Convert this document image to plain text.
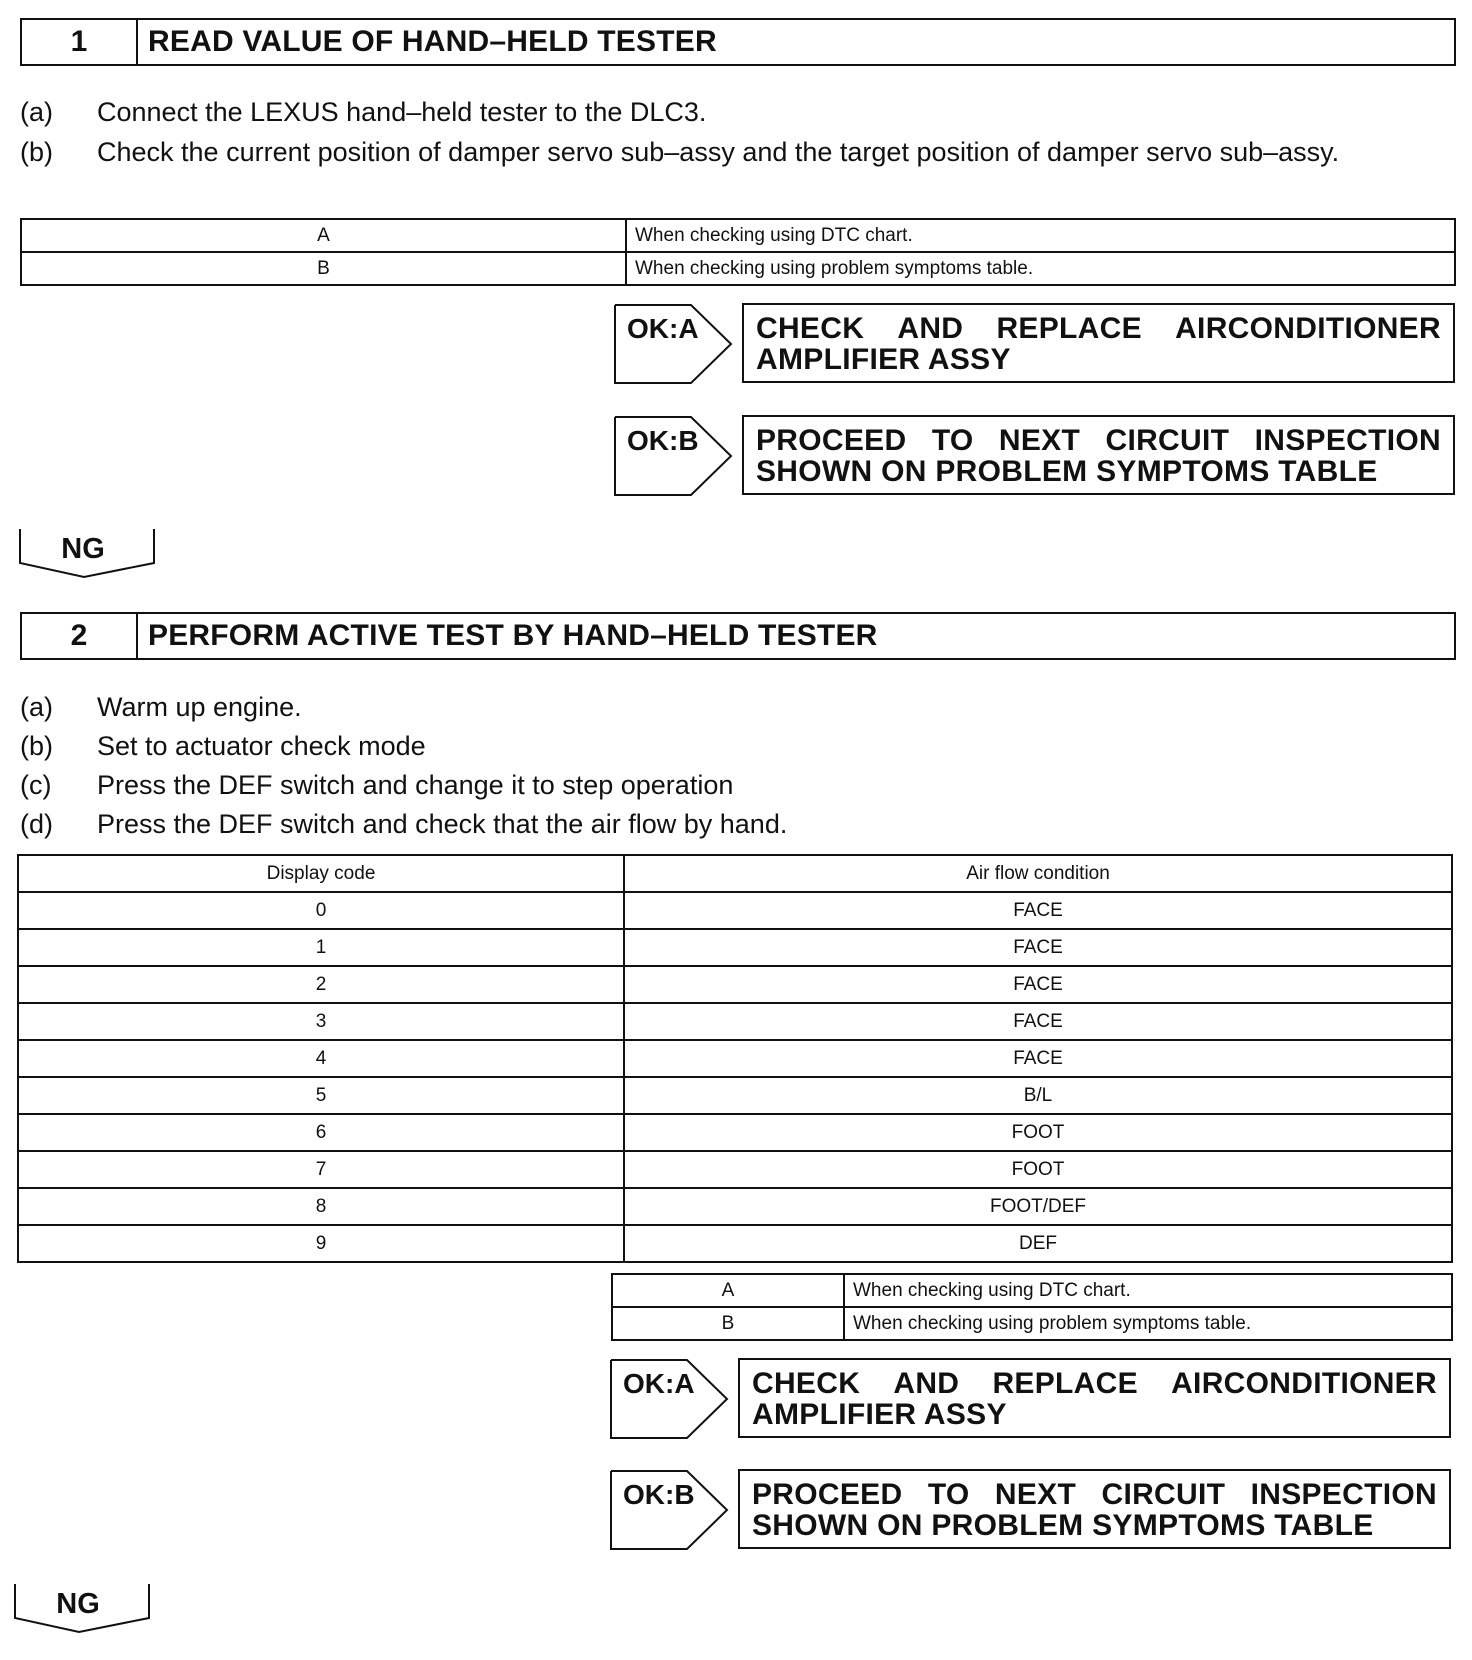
1	READ VALUE OF HAND–HELD TESTER
(a) Connect the LEXUS hand–held tester to the DLC3.
(b) Check the current position of damper servo sub–assy and the target position of damper servo sub–assy.
A	When checking using DTC chart.
B	When checking using problem symptoms table.
OK:A CHECK AND REPLACE AIRCONDITIONER
AMPLIFIER ASSY
OK:B PROCEED TO NEXT CIRCUIT INSPECTION
SHOWN ON PROBLEM SYMPTOMS TABLE
NG
2	PERFORM ACTIVE TEST BY HAND–HELD TESTER
(a) Warm up engine.
(b) Set to actuator check mode
(c) Press the DEF switch and change it to step operation
(d) Press the DEF switch and check that the air flow by hand.
Display code	Air flow condition
0	FACE
1	FACE
2	FACE
3	FACE
4	FACE
5	B/L
6	FOOT
7	FOOT
8	FOOT/DEF
9	DEF
A	When checking using DTC chart.
B	When checking using problem symptoms table.
OK:A CHECK AND REPLACE AIRCONDITIONER
AMPLIFIER ASSY
OK:B PROCEED TO NEXT CIRCUIT INSPECTION
SHOWN ON PROBLEM SYMPTOMS TABLE
NG
